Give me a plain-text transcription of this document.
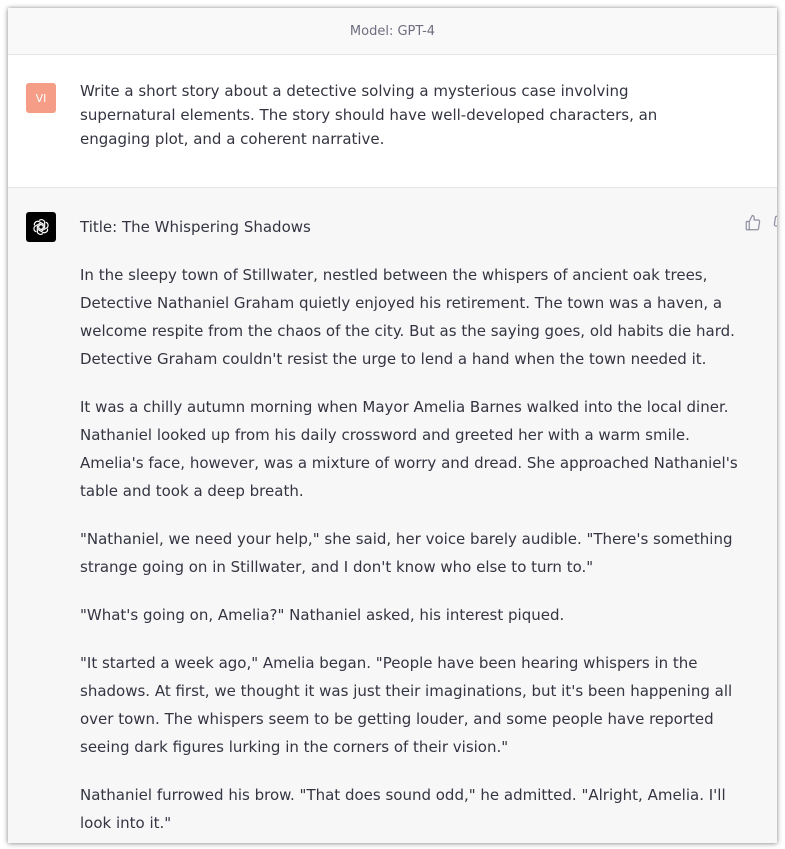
Model: GPT-4
VI Write a short story about a detective solving a mysterious case involving supernatural elements. The story should have well-developed characters, an engaging plot, and a coherent narrative.

Title: The Whispering Shadows

In the sleepy town of Stillwater, nestled between the whispers of ancient oak trees, Detective Nathaniel Graham quietly enjoyed his retirement. The town was a haven, a welcome respite from the chaos of the city. But as the saying goes, old habits die hard. Detective Graham couldn't resist the urge to lend a hand when the town needed it.

It was a chilly autumn morning when Mayor Amelia Barnes walked into the local diner. Nathaniel looked up from his daily crossword and greeted her with a warm smile. Amelia's face, however, was a mixture of worry and dread. She approached Nathaniel's table and took a deep breath.

"Nathaniel, we need your help," she said, her voice barely audible. "There's something strange going on in Stillwater, and I don't know who else to turn to."

"What's going on, Amelia?" Nathaniel asked, his interest piqued.

"It started a week ago," Amelia began. "People have been hearing whispers in the shadows. At first, we thought it was just their imaginations, but it's been happening all over town. The whispers seem to be getting louder, and some people have reported seeing dark figures lurking in the corners of their vision."

Nathaniel furrowed his brow. "That does sound odd," he admitted. "Alright, Amelia. I'll look into it."
